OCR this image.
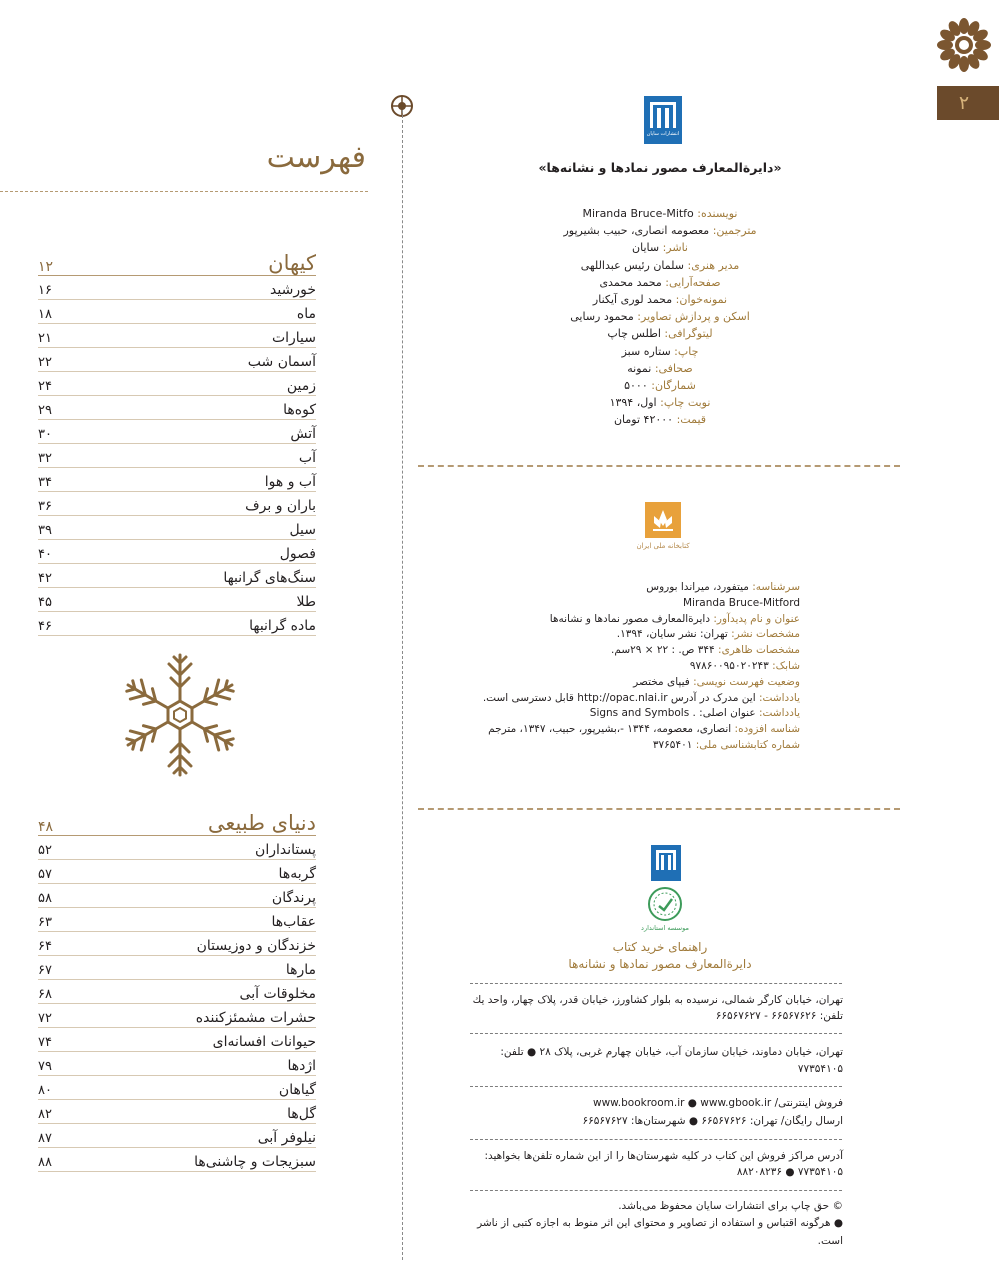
۲
فهرست
۱۲	کیهان
۱۶	خورشید
۱۸	ماه
۲۱	سیارات
۲۲	آسمان شب
۲۴	زمین
۲۹	کوه‌ها
۳۰	آتش
۳۲	آب
۳۴	آب و هوا
۳۶	باران و برف
۳۹	سیل
۴۰	فصول
۴۲	سنگ‌های گرانبها
۴۵	طلا
۴۶	ماده گرانبها
۴۸	دنیای طبیعی
۵۲	پستانداران
۵۷	گربه‌ها
۵۸	پرندگان
۶۳	عقاب‌ها
۶۴	خزندگان و دوزیستان
۶۷	مارها
۶۸	مخلوقات آبی
۷۲	حشرات مشمئزکننده
۷۴	حیوانات افسانه‌ای
۷۹	اژدها
۸۰	گیاهان
۸۲	گل‌ها
۸۷	نیلوفر آبی
۸۸	سبزیجات و چاشنی‌ها
انتشارات سایان
«دایرةالمعارف مصور نمادها و نشانه‌ها»
نویسنده: Miranda Bruce-Mitfo
مترجمین: معصومه انصاری، حبیب بشیرپور
ناشر: سایان
مدیر هنری: سلمان رئیس عبداللهی
صفحه‌آرایی: محمد محمدی
نمونه‌خوان: محمد لوری آیکنار
اسکن و پردازش تصاویر: محمود رسایی
لیتوگرافی: اطلس چاپ
چاپ: ستاره سبز
صحافی: نمونه
شمارگان: ۵۰۰۰
نوبت چاپ: اول، ۱۳۹۴
قیمت: ۴۲۰۰۰ تومان
کتابخانه ملی ایران
سرشناسه: میتفورد، میراندا بوروس
Miranda Bruce-Mitford
عنوان و نام پدیدآور: دایرةالمعارف مصور نمادها و نشانه‌ها
مشخصات نشر: تهران: نشر سایان، ۱۳۹۴.
مشخصات ظاهری: ۳۴۴ ص. : ۲۲ × ۲۹سم.
شابک: ۹۷۸۶۰۰۹۵۰۲۰۲۴۳
وضعیت فهرست نویسی: فیپای مختصر
یادداشت: این مدرک در آدرس http://opac.nlai.ir قابل دسترسی است.
یادداشت: عنوان اصلی: . Signs and Symbols
شناسه افزوده: انصاری، معصومه، ۱۳۴۴ -،بشیرپور، حبیب، ۱۳۴۷، مترجم
شماره کتابشناسی ملی: ۳۷۶۵۴۰۱
موسسه استاندارد
راهنمای خرید کتاب
دایرةالمعارف مصور نمادها و نشانه‌ها
تهران، خیابان کارگر شمالی، نرسیده به بلوار کشاورز، خیابان قدر، پلاک چهار، واحد یك
تلفن: ۶۶۵۶۷۶۲۶ - ۶۶۵۶۷۶۲۷
تهران، خیابان دماوند، خیابان سازمان آب، خیابان چهارم غربی، پلاک ۲۸ ● تلفن:
۷۷۳۵۴۱۰۵
فروش اینترنتی/ www.bookroom.ir ● www.gbook.ir
ارسال رایگان/ تهران: ۶۶۵۶۷۶۲۶ ● شهرستان‌ها: ۶۶۵۶۷۶۲۷
آدرس مراکز فروش این کتاب در کلیه شهرستان‌ها را از این شماره تلفن‌ها بخواهید:
۷۷۳۵۴۱۰۵ ● ۸۸۲۰۸۲۳۶
© حق چاپ برای انتشارات سایان محفوظ می‌باشد.
● هرگونه اقتباس و استفاده از تصاویر و محتوای این اثر منوط به اجازه کتبی از ناشر
است.
